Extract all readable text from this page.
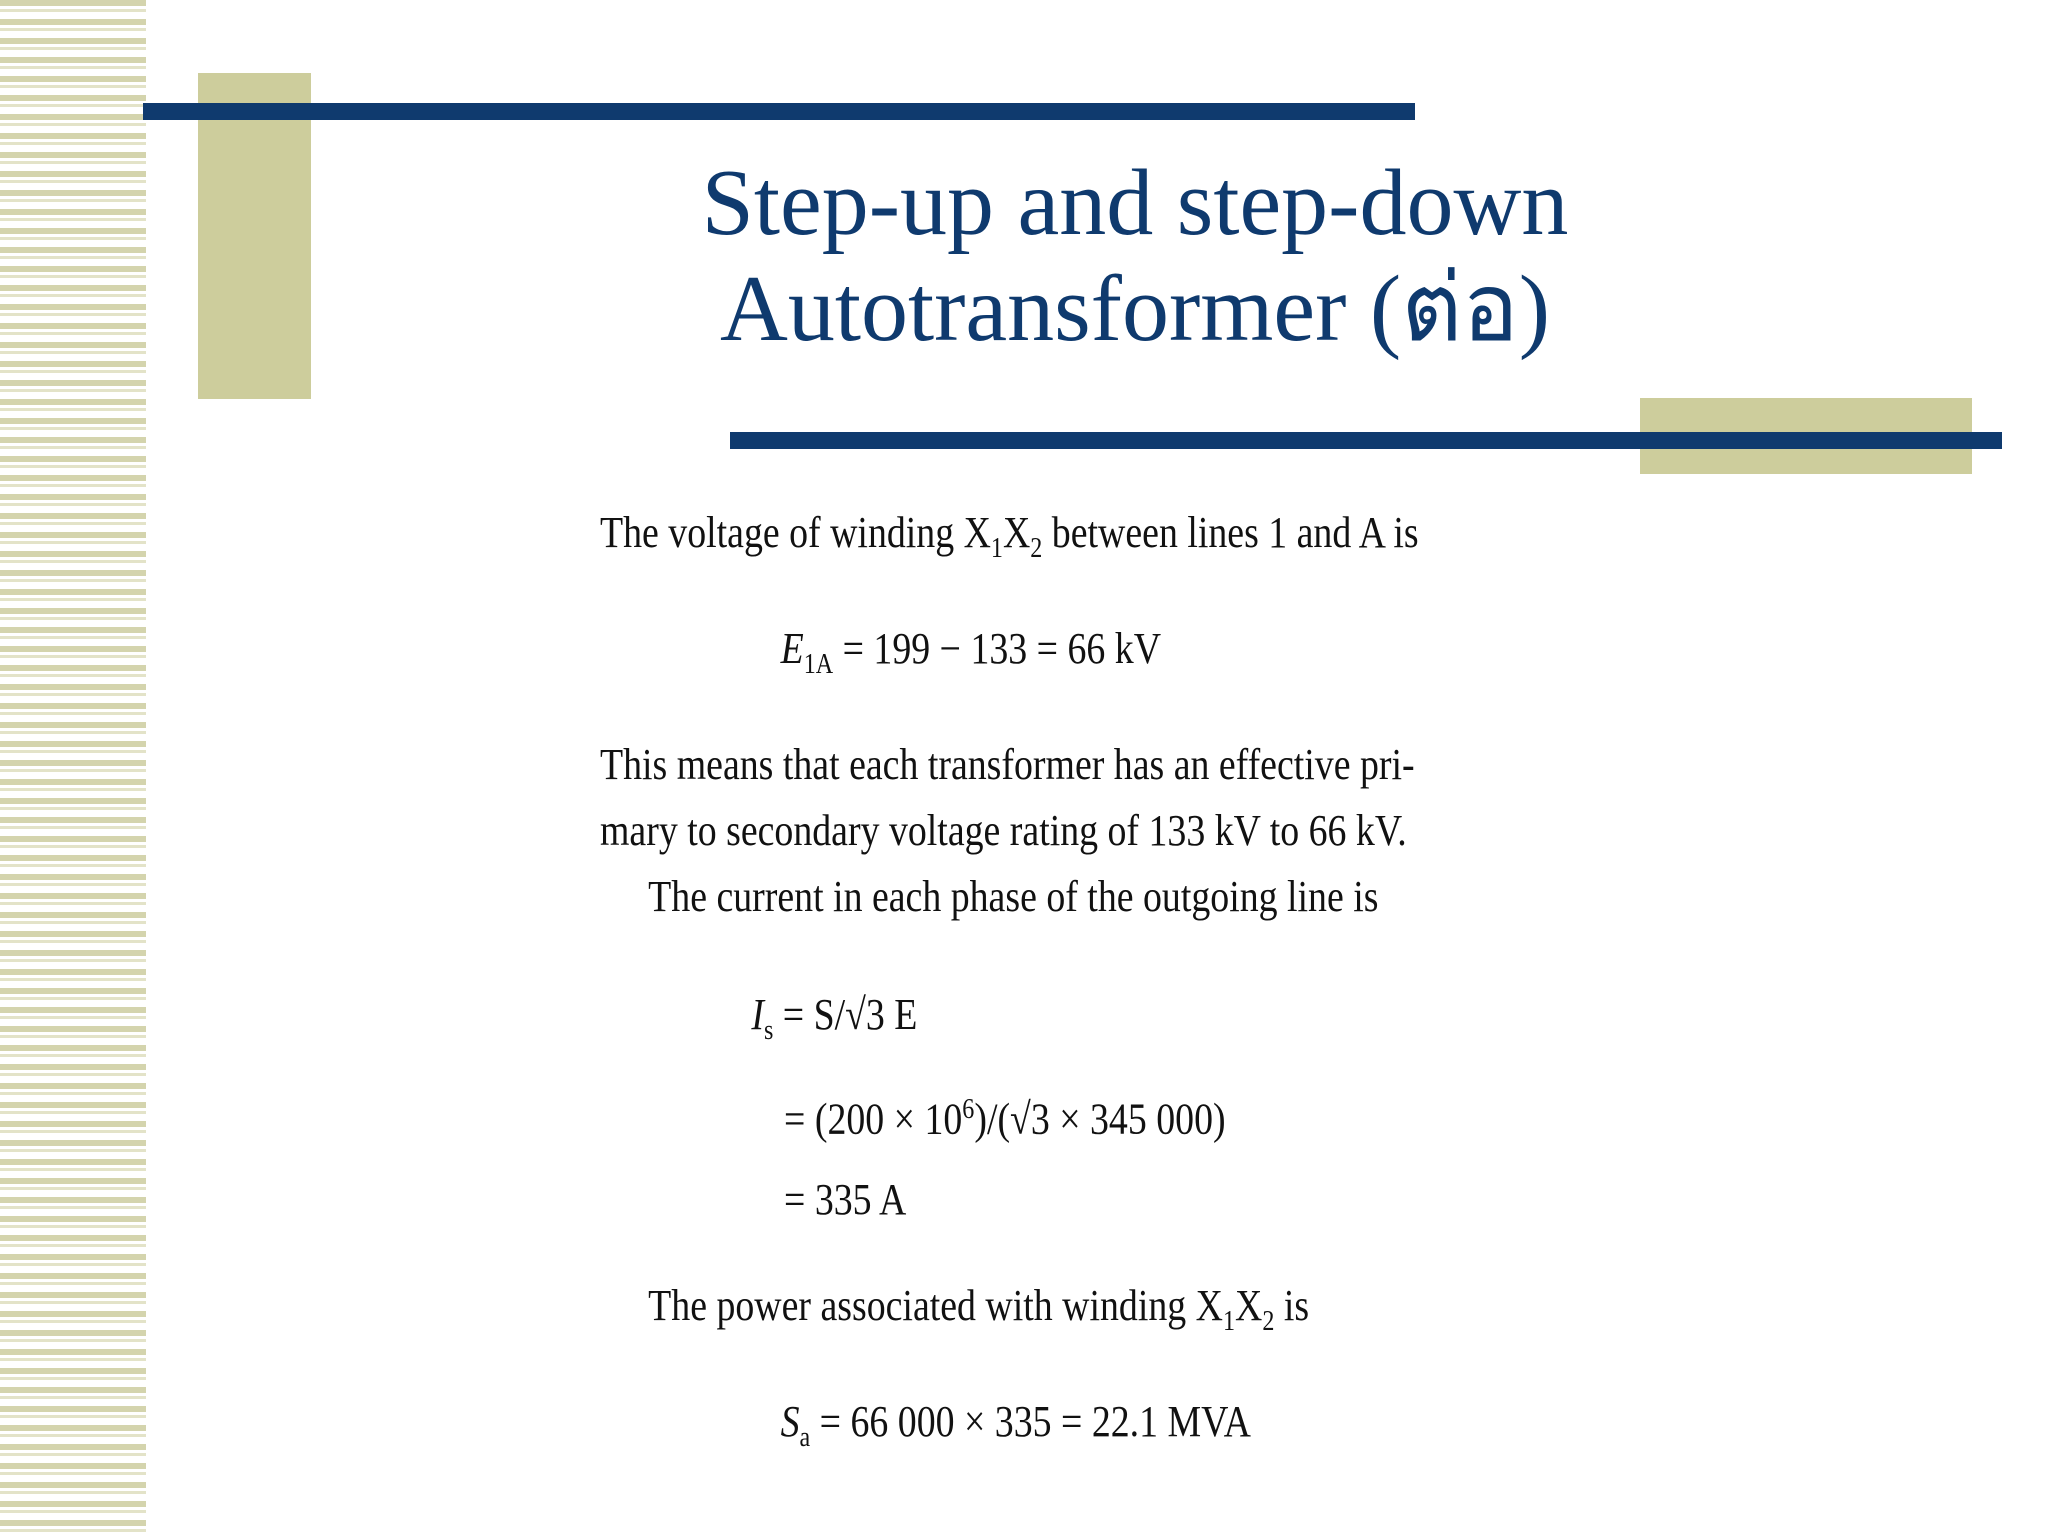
Step-up and step-down
Autotransformer (ต่อ)

The voltage of winding $X_1X_2$ between lines 1 and A is

$E_{1A} = 199 - 133 = 66$ kV

This means that each transformer has an effective pri-

mary to secondary voltage rating of 133 kV to 66 kV.

The current in each phase of the outgoing line is

$I_s = S/√3$ E

= $(200 \times 10^6)/(√3 \times 345$ 000)

= 335 A

The power associated with winding $X_1X_2$ is

$S_a = 66$ 000 × 335 = 22.1 MVA
